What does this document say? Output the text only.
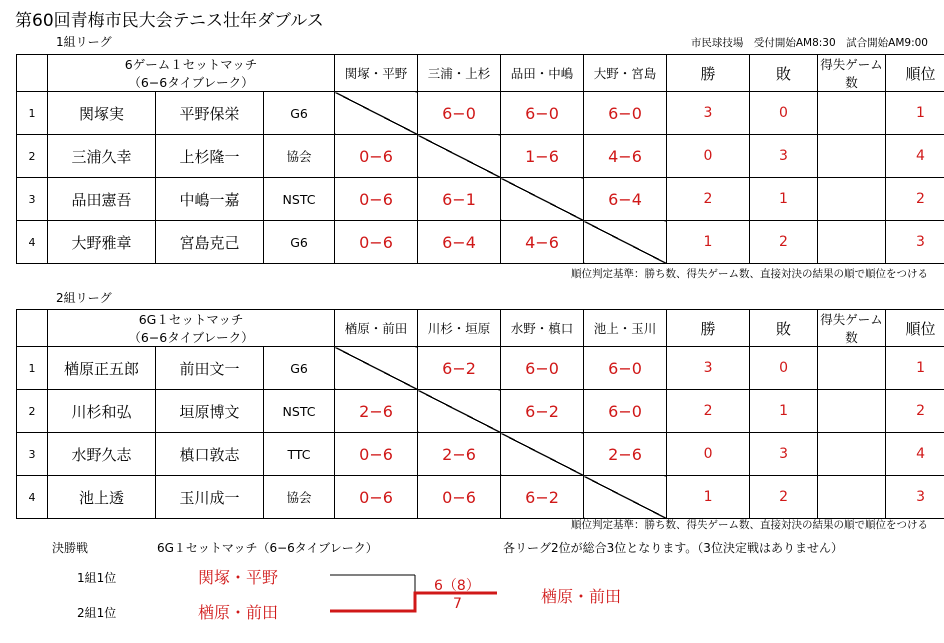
第60回青梅市民大会テニス壮年ダブルス
1組リーグ	市民球技場　受付開始AM8:30　試合開始AM9:00

	6ゲーム１セットマッチ
（6−6タイブレーク）			関塚・平野	三浦・上杉	品田・中嶋	大野・宮島	勝	敗	得失ゲーム数	順位
1	関塚実	平野保栄	G6		6−0	6−0	6−0	3	0		1
2	三浦久幸	上杉隆一	協会	0−6		1−6	4−6	0	3		4
3	品田憲吾	中嶋一嘉	NSTC	0−6	6−1		6−4	2	1		2
4	大野雅章	宮島克己	G6	0−6	6−4	4−6		1	2		3
順位判定基準：勝ち数、得失ゲーム数、直接対決の結果の順で順位をつける
2組リーグ

	6G１セットマッチ
（6−6タイブレーク）			楢原・前田	川杉・垣原	水野・槙口	池上・玉川	勝	敗	得失ゲーム数	順位
1	楢原正五郎	前田文一	G6		6−2	6−0	6−0	3	0		1
2	川杉和弘	垣原博文	NSTC	2−6		6−2	6−0	2	1		2
3	水野久志	槙口敦志	TTC	0−6	2−6		2−6	0	3		4
4	池上透	玉川成一	協会	0−6	0−6	6−2		1	2		3
順位判定基準：勝ち数、得失ゲーム数、直接対決の結果の順で順位をつける
決勝戦	6G１セットマッチ（6−6タイブレーク）	各リーグ2位が総合3位となります。（3位決定戦はありません）
1組1位	関塚・平野
2組1位	楢原・前田
6（8）
7	楢原・前田
